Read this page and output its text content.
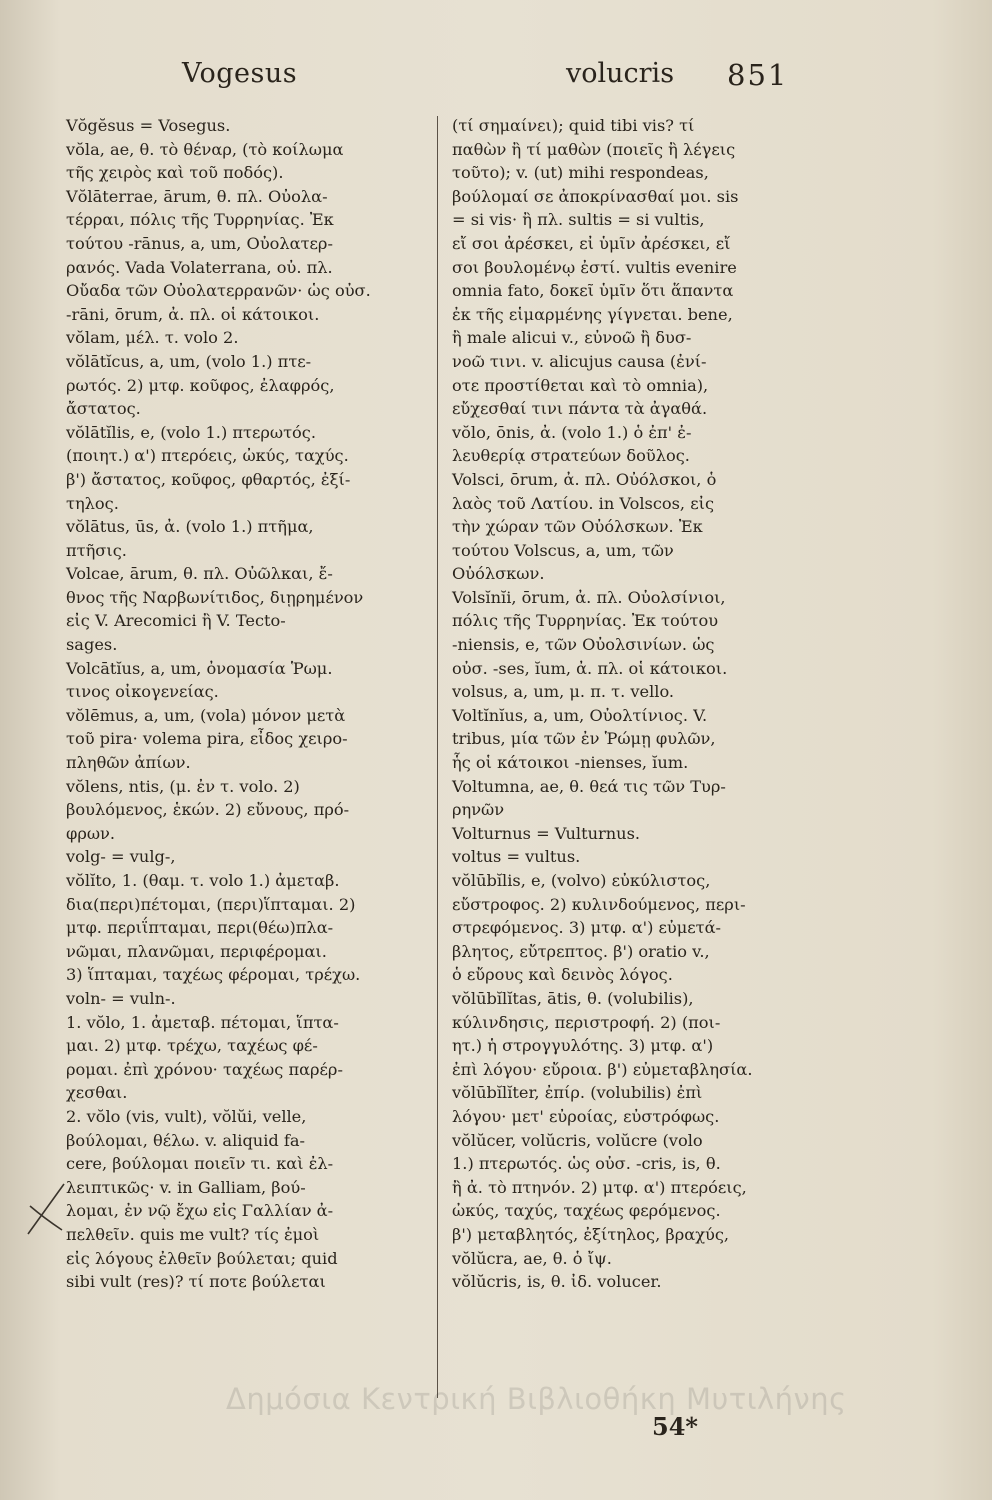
Vogesus	volucris 851
Vŏgĕsus = Vosegus.
vŏla, ae, θ. τὸ θέναρ, (τὸ κοίλωμα
τῆς χειρὸς καὶ τοῦ ποδός).
Vŏlāterrae, ārum, θ. πλ. Οὐολα-
τέρραι, πόλις τῆς Τυρρηνίας. Ἐκ
τούτου -rānus, a, um, Οὐολατερ-
ρανός. Vada Volaterrana, οὐ. πλ.
Οὔαδα τῶν Οὐολατερρανῶν· ὡς οὐσ.
-rāni, ōrum, ἀ. πλ. οἱ κάτοικοι.
vŏlam, μέλ. τ. volo 2.
vŏlātĭcus, a, um, (volo 1.) πτε-
ρωτός. 2) μτφ. κοῦφος, ἐλαφρός,
ἄστατος.
vŏlātĭlis, e, (volo 1.) πτερωτός.
(ποιητ.) α') πτερόεις, ὠκύς, ταχύς.
β') ἄστατος, κοῦφος, φθαρτός, ἐξί-
τηλος.
vŏlātus, ūs, ἀ. (volo 1.) πτῆμα,
πτῆσις.
Volcae, ārum, θ. πλ. Οὐῶλκαι, ἔ-
θνος τῆς Ναρβωνίτιδος, διῃρημένον
εἰς V. Arecomici ἢ V. Tecto-
sages.
Volcātĭus, a, um, ὀνομασία Ῥωμ.
τινος οἰκογενείας.
vŏlēmus, a, um, (vola) μόνον μετὰ
τοῦ pira· volema pira, εἶδος χειρο-
πληθῶν ἀπίων.
vŏlens, ntis, (μ. ἐν τ. volo. 2)
βουλόμενος, ἑκών. 2) εὔνους, πρό-
φρων.
volg- = vulg-,
vŏlĭto, 1. (θαμ. τ. volo 1.) ἀμεταβ.
δια(περι)πέτομαι, (περι)ἵπταμαι. 2)
μτφ. περιΐπταμαι, περι(θέω)πλα-
νῶμαι, πλανῶμαι, περιφέρομαι.
3) ἵπταμαι, ταχέως φέρομαι, τρέχω.
voln- = vuln-.
1. vŏlo, 1. ἀμεταβ. πέτομαι, ἵπτα-
μαι. 2) μτφ. τρέχω, ταχέως φέ-
ρομαι. ἐπὶ χρόνου· ταχέως παρέρ-
χεσθαι.
2. vŏlo (vis, vult), vŏlŭi, velle,
βούλομαι, θέλω. v. aliquid fa-
cere, βούλομαι ποιεῖν τι. καὶ ἐλ-
λειπτικῶς· v. in Galliam, βού-
λομαι, ἐν νῷ ἔχω εἰς Γαλλίαν ἀ-
πελθεῖν. quis me vult? τίς ἐμοὶ
εἰς λόγους ἐλθεῖν βούλεται; quid
sibi vult (res)? τί ποτε βούλεται
(τί σημαίνει); quid tibi vis? τί
παθὼν ἢ τί μαθὼν (ποιεῖς ἢ λέγεις
τοῦτο); v. (ut) mihi respondeas,
βούλομαί σε ἀποκρίνασθαί μοι. sis
= si vis· ἢ πλ. sultis = si vultis,
εἴ σοι ἀρέσκει, εἰ ὑμῖν ἀρέσκει, εἴ
σοι βουλομένῳ ἐστί. vultis evenire
omnia fato, δοκεῖ ὑμῖν ὅτι ἅπαντα
ἐκ τῆς εἱμαρμένης γίγνεται. bene,
ἢ male alicui v., εὐνοῶ ἢ δυσ-
νοῶ τινι. v. alicujus causa (ἐνί-
οτε προστίθεται καὶ τὸ omnia),
εὔχεσθαί τινι πάντα τὰ ἀγαθά.
vŏlo, ōnis, ἀ. (volo 1.) ὁ ἐπ' ἐ-
λευθερίᾳ στρατεύων δοῦλος.
Volsci, ōrum, ἀ. πλ. Οὐόλσκοι, ὁ
λαὸς τοῦ Λατίου. in Volscos, εἰς
τὴν χώραν τῶν Οὐόλσκων. Ἐκ
τούτου Volscus, a, um, τῶν
Οὐόλσκων.
Volsĭnĭi, ōrum, ἀ. πλ. Οὐολσίνιοι,
πόλις τῆς Τυρρηνίας. Ἐκ τούτου
-niensis, e, τῶν Οὐολσινίων. ὡς
οὐσ. -ses, ĭum, ἀ. πλ. οἱ κάτοικοι.
volsus, a, um, μ. π. τ. vello.
Voltĭnĭus, a, um, Οὐολτίνιος. V.
tribus, μία τῶν ἐν Ῥώμῃ φυλῶν,
ἧς οἱ κάτοικοι -nienses, ĭum.
Voltumna, ae, θ. θεά τις τῶν Τυρ-
ρηνῶν
Volturnus = Vulturnus.
voltus = vultus.
vŏlūbĭlis, e, (volvo) εὐκύλιστος,
εὔστροφος. 2) κυλινδούμενος, περι-
στρεφόμενος. 3) μτφ. α') εὐμετά-
βλητος, εὔτρεπτος. β') oratio v.,
ὁ εὔρους καὶ δεινὸς λόγος.
vŏlūbĭlĭtas, ātis, θ. (volubilis),
κύλινδησις, περιστροφή. 2) (ποι-
ητ.) ἡ στρογγυλότης. 3) μτφ. α')
ἐπὶ λόγου· εὔροια. β') εὐμεταβλησία.
vŏlūbĭlĭter, ἐπίρ. (volubilis) ἐπὶ
λόγου· μετ' εὐροίας, εὐστρόφως.
vŏlŭcer, volŭcris, volŭcre (volo
1.) πτερωτός. ὡς οὐσ. -cris, is, θ.
ἢ ἀ. τὸ πτηνόν. 2) μτφ. α') πτερόεις,
ὠκύς, ταχύς, ταχέως φερόμενος.
β') μεταβλητός, ἐξίτηλος, βραχύς,
vŏlŭcra, ae, θ. ὁ ἴψ.
vŏlŭcris, is, θ. ἰδ. volucer.
Δημόσια Κεντρική Βιβλιοθήκη Μυτιλήνης
54*
